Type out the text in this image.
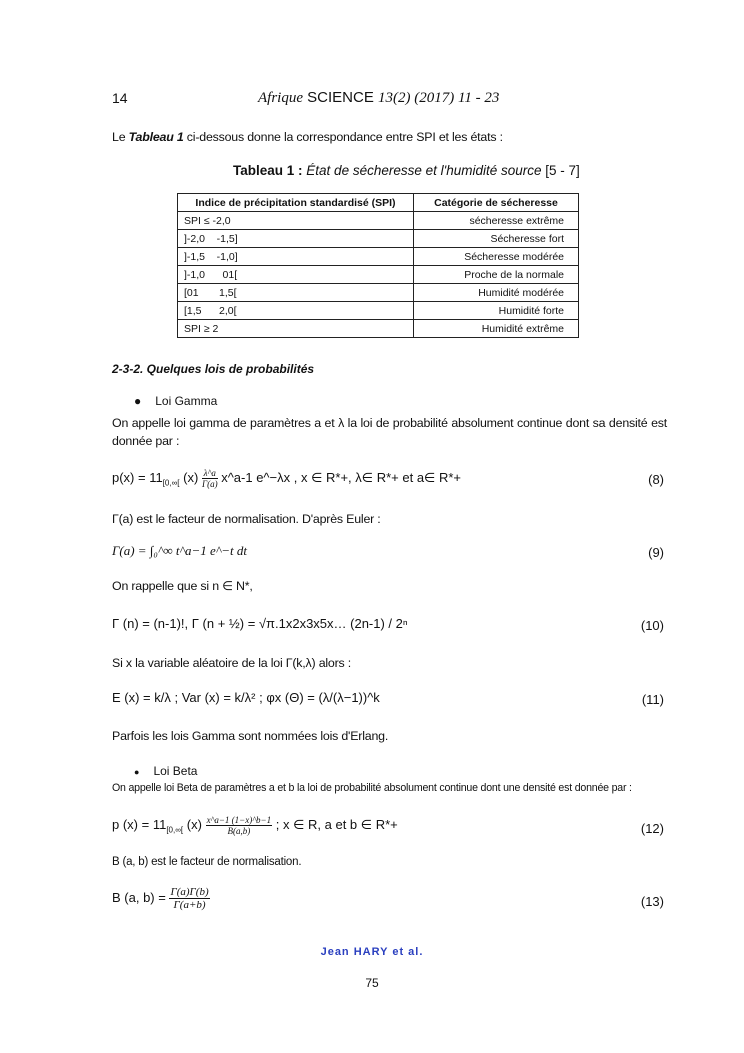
14	Afrique SCIENCE 13(2) (2017) 11 - 23
Le Tableau 1 ci-dessous donne la correspondance entre SPI et les états :
Tableau 1 : État de sécheresse et l'humidité source [5 - 7]
Indice de précipitation standardisé (SPI)	Catégorie de sécheresse
SPI ≤ -2,0	sécheresse extrême
]-2,0    -1,5]	Sécheresse fort
]-1,5    -1,0]	Sécheresse modérée
]-1,0      01[	Proche de la normale
[01       1,5[	Humidité modérée
[1,5      2,0[	Humidité forte
SPI ≥ 2	Humidité extrême
2-3-2. Quelques lois de probabilités
● Loi Gamma
On appelle loi gamma de paramètres a et λ la loi de probabilité absolument continue dont sa densité est donnée par :
$p(x) = 11_{[0,\infty[}$ $(x) \frac{\lambda\^{}a}{\Gamma(a)}$ x^a-1 e^−λx , x ∈ R*+, λ∈ R*+ et a∈ R*+	(8)
Γ(a) est le facteur de normalisation. D'après Euler :
Γ(a) = ∫₀^∞ t^a−1 e^−t dt	(9)
On rappelle que si n ∈ N*,
Γ (n) = (n-1)!, Γ (n + ½) = √π.1x2x3x5x… (2n-1) / 2ⁿ	(10)
Si x la variable aléatoire de la loi Γ(k,λ) alors :
E (x) = k/λ ; Var (x) = k/λ² ; φx (Θ) = (λ/(λ−1))^k	(11)
Parfois les lois Gamma sont nommées lois d'Erlang.
● Loi Beta
On appelle loi Beta de paramètres a et b la loi de probabilité absolument continue dont une densité est donnée par :
p $(x) = 11_{[0,\infty[}$ $(x) \frac{x\^{}a-1 (1-x)\^{}b-1}{B(a,b)}$ ; x ∈ R, a et b ∈ R*+	(12)
B (a, b) est le facteur de normalisation.
B (a, $b) = \frac{\Gamma(a)\Gamma(b)}{\Gamma(a+b)}$	(13)
Jean HARY et al.
75
